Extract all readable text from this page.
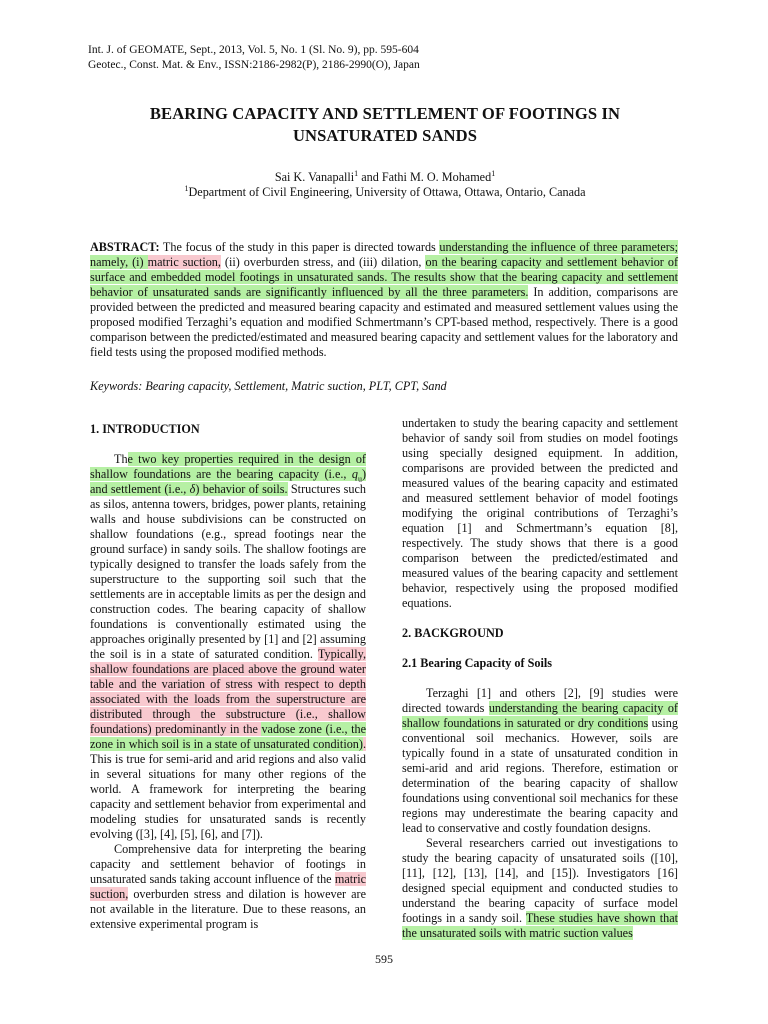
Int. J. of GEOMATE, Sept., 2013, Vol. 5, No. 1 (Sl. No. 9), pp. 595-604
Geotec., Const. Mat. & Env., ISSN:2186-2982(P), 2186-2990(O), Japan
BEARING CAPACITY AND SETTLEMENT OF FOOTINGS IN
UNSATURATED SANDS
Sai K. Vanapalli$^1$ and Fathi M. O. Mohamed$^1$
$^1$Department of Civil Engineering, University of Ottawa, Ottawa, Ontario, Canada
ABSTRACT: The focus of the study in this paper is directed towards understanding the influence of three parameters; namely, (i) matric suction, (ii) overburden stress, and (iii) dilation, on the bearing capacity and settlement behavior of surface and embedded model footings in unsaturated sands. The results show that the bearing capacity and settlement behavior of unsaturated sands are significantly influenced by all the three parameters. In addition, comparisons are provided between the predicted and measured bearing capacity and estimated and measured settlement values using the proposed modified Terzaghi’s equation and modified Schmertmann’s CPT-based method, respectively. There is a good comparison between the predicted/estimated and measured bearing capacity and settlement values for the laboratory and field tests using the proposed modified methods.
Keywords: Bearing capacity, Settlement, Matric suction, PLT, CPT, Sand

1. INTRODUCTION

The two key properties required in the design of shallow foundations are the bearing capacity (i.e., $q_u$) and settlement (i.e., δ) behavior of soils. Structures such as silos, antenna towers, bridges, power plants, retaining walls and house subdivisions can be constructed on shallow foundations (e.g., spread footings near the ground surface) in sandy soils. The shallow footings are typically designed to transfer the loads safely from the superstructure to the supporting soil such that the settlements are in acceptable limits as per the design and construction codes. The bearing capacity of shallow foundations is conventionally estimated using the approaches originally presented by [1] and [2] assuming the soil is in a state of saturated condition. Typically, shallow foundations are placed above the ground water table and the variation of stress with respect to depth associated with the loads from the superstructure are distributed through the substructure (i.e., shallow foundations) predominantly in the vadose zone (i.e., the zone in which soil is in a state of unsaturated condition). This is true for semi-arid and arid regions and also valid in several situations for many other regions of the world. A framework for interpreting the bearing capacity and settlement behavior from experimental and modeling studies for unsaturated sands is recently evolving ([3], [4], [5], [6], and [7]).

Comprehensive data for interpreting the bearing capacity and settlement behavior of footings in unsaturated sands taking account influence of the matric suction, overburden stress and dilation is however are not available in the literature. Due to these reasons, an extensive experimental program is

undertaken to study the bearing capacity and settlement behavior of sandy soil from studies on model footings using specially designed equipment. In addition, comparisons are provided between the predicted and measured values of the bearing capacity and estimated and measured settlement behavior of model footings modifying the original contributions of Terzaghi’s equation [1] and Schmertmann’s equation [8], respectively. The study shows that there is a good comparison between the predicted/estimated and measured values of the bearing capacity and settlement behavior, respectively using the proposed modified equations.

2. BACKGROUND

2.1 Bearing Capacity of Soils

Terzaghi [1] and others [2], [9] studies were directed towards understanding the bearing capacity of shallow foundations in saturated or dry conditions using conventional soil mechanics. However, soils are typically found in a state of unsaturated condition in semi-arid and arid regions. Therefore, estimation or determination of the bearing capacity of shallow foundations using conventional soil mechanics for these regions may underestimate the bearing capacity and lead to conservative and costly foundation designs.

Several researchers carried out investigations to study the bearing capacity of unsaturated soils ([10], [11], [12], [13], [14], and [15]). Investigators [16] designed special equipment and conducted studies to understand the bearing capacity of surface model footings in a sandy soil. These studies have shown that the unsaturated soils with matric suction values

595
